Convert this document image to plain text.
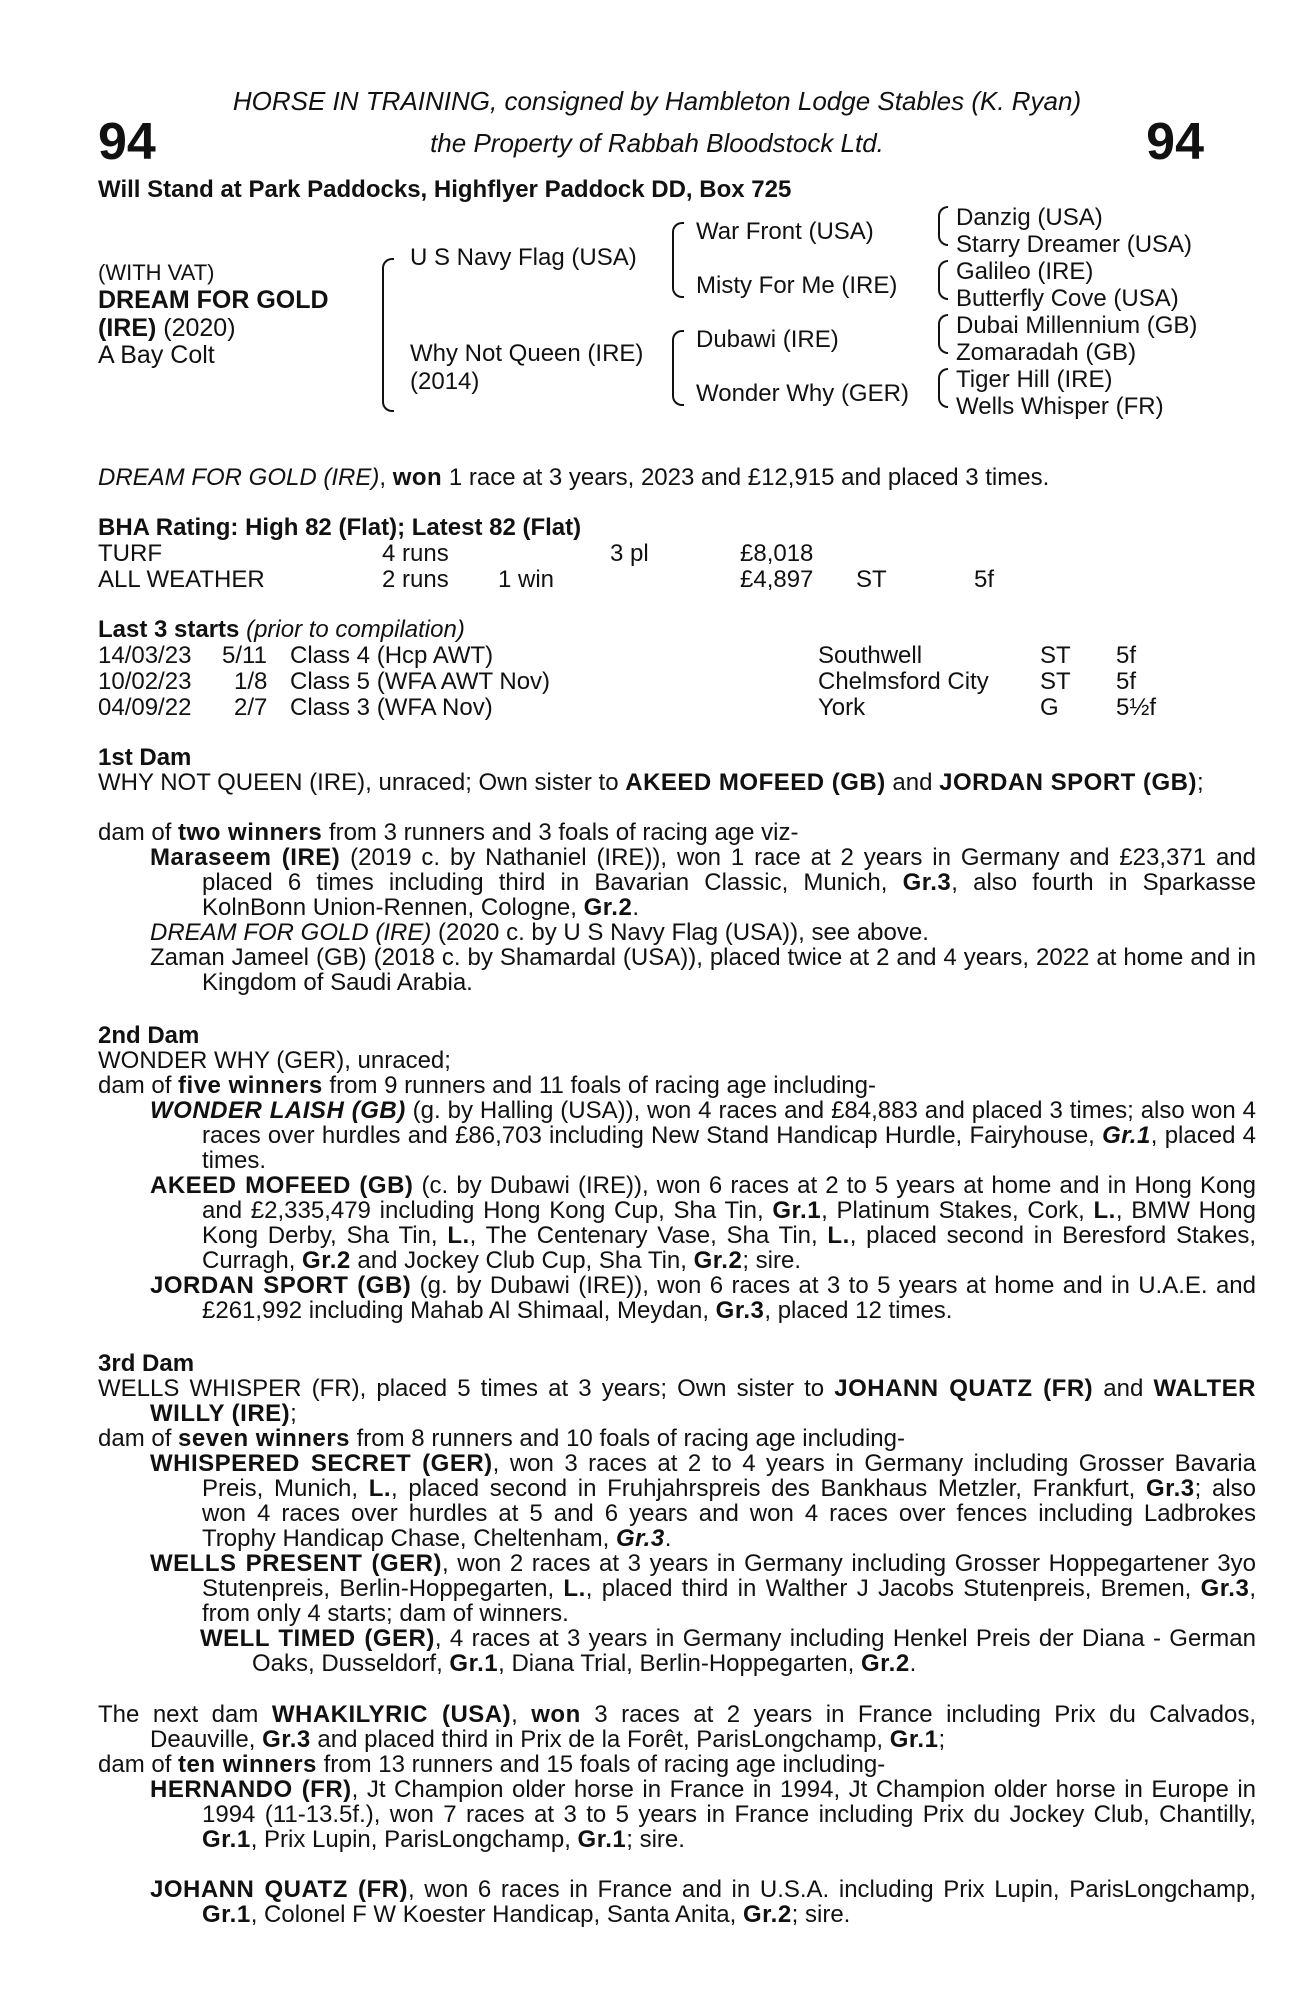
94	94
HORSE IN TRAINING, consigned by Hambleton Lodge Stables (K. Ryan)
the Property of Rabbah Bloodstock Ltd.
Will Stand at Park Paddocks, Highflyer Paddock DD, Box 725
(WITH VAT)
DREAM FOR GOLD
(IRE) (2020)
A Bay Colt
U S Navy Flag (USA)
Why Not Queen (IRE)
(2014)
War Front (USA)
Misty For Me (IRE)
Dubawi (IRE)
Wonder Why (GER)
Danzig (USA)
Starry Dreamer (USA)
Galileo (IRE)
Butterfly Cove (USA)
Dubai Millennium (GB)
Zomaradah (GB)
Tiger Hill (IRE)
Wells Whisper (FR)
DREAM FOR GOLD (IRE), won 1 race at 3 years, 2023 and £12,915 and placed 3 times.
BHA Rating: High 82 (Flat); Latest 82 (Flat)
TURF	4 runs	3 pl	£8,018
ALL WEATHER	2 runs 1 win	£4,897 ST	5f
Last 3 starts (prior to compilation)
14/03/23 5/11 Class 4 (Hcp AWT)	Southwell	ST 5f
10/02/23 1/8 Class 5 (WFA AWT Nov)	Chelmsford City ST 5f
04/09/22 2/7 Class 3 (WFA Nov)	York	G 5½f
1st Dam
WHY NOT QUEEN (IRE), unraced; Own sister to AKEED MOFEED (GB) and JORDAN SPORT (GB);
dam of two winners from 3 runners and 3 foals of racing age viz-
Maraseem (IRE) (2019 c. by Nathaniel (IRE)), won 1 race at 2 years in Germany and £23,371 and placed 6 times including third in Bavarian Classic, Munich, Gr.3, also fourth in Sparkasse KolnBonn Union-Rennen, Cologne, Gr.2.
DREAM FOR GOLD (IRE) (2020 c. by U S Navy Flag (USA)), see above.
Zaman Jameel (GB) (2018 c. by Shamardal (USA)), placed twice at 2 and 4 years, 2022 at home and in Kingdom of Saudi Arabia.
2nd Dam
WONDER WHY (GER), unraced;
dam of five winners from 9 runners and 11 foals of racing age including-
WONDER LAISH (GB) (g. by Halling (USA)), won 4 races and £84,883 and placed 3 times; also won 4 races over hurdles and £86,703 including New Stand Handicap Hurdle, Fairyhouse, Gr.1, placed 4 times.
AKEED MOFEED (GB) (c. by Dubawi (IRE)), won 6 races at 2 to 5 years at home and in Hong Kong and £2,335,479 including Hong Kong Cup, Sha Tin, Gr.1, Platinum Stakes, Cork, L., BMW Hong Kong Derby, Sha Tin, L., The Centenary Vase, Sha Tin, L., placed second in Beresford Stakes, Curragh, Gr.2 and Jockey Club Cup, Sha Tin, Gr.2; sire.
JORDAN SPORT (GB) (g. by Dubawi (IRE)), won 6 races at 3 to 5 years at home and in U.A.E. and £261,992 including Mahab Al Shimaal, Meydan, Gr.3, placed 12 times.
3rd Dam
WELLS WHISPER (FR), placed 5 times at 3 years; Own sister to JOHANN QUATZ (FR) and WALTER WILLY (IRE);
dam of seven winners from 8 runners and 10 foals of racing age including-
WHISPERED SECRET (GER), won 3 races at 2 to 4 years in Germany including Grosser Bavaria Preis, Munich, L., placed second in Fruhjahrspreis des Bankhaus Metzler, Frankfurt, Gr.3; also won 4 races over hurdles at 5 and 6 years and won 4 races over fences including Ladbrokes Trophy Handicap Chase, Cheltenham, Gr.3.
WELLS PRESENT (GER), won 2 races at 3 years in Germany including Grosser Hoppegartener 3yo Stutenpreis, Berlin-Hoppegarten, L., placed third in Walther J Jacobs Stutenpreis, Bremen, Gr.3, from only 4 starts; dam of winners.
WELL TIMED (GER), 4 races at 3 years in Germany including Henkel Preis der Diana - German Oaks, Dusseldorf, Gr.1, Diana Trial, Berlin-Hoppegarten, Gr.2.
The next dam WHAKILYRIC (USA), won 3 races at 2 years in France including Prix du Calvados, Deauville, Gr.3 and placed third in Prix de la Forêt, ParisLongchamp, Gr.1;
dam of ten winners from 13 runners and 15 foals of racing age including-
HERNANDO (FR), Jt Champion older horse in France in 1994, Jt Champion older horse in Europe in 1994 (11-13.5f.), won 7 races at 3 to 5 years in France including Prix du Jockey Club, Chantilly, Gr.1, Prix Lupin, ParisLongchamp, Gr.1; sire.
JOHANN QUATZ (FR), won 6 races in France and in U.S.A. including Prix Lupin, ParisLongchamp, Gr.1, Colonel F W Koester Handicap, Santa Anita, Gr.2; sire.
